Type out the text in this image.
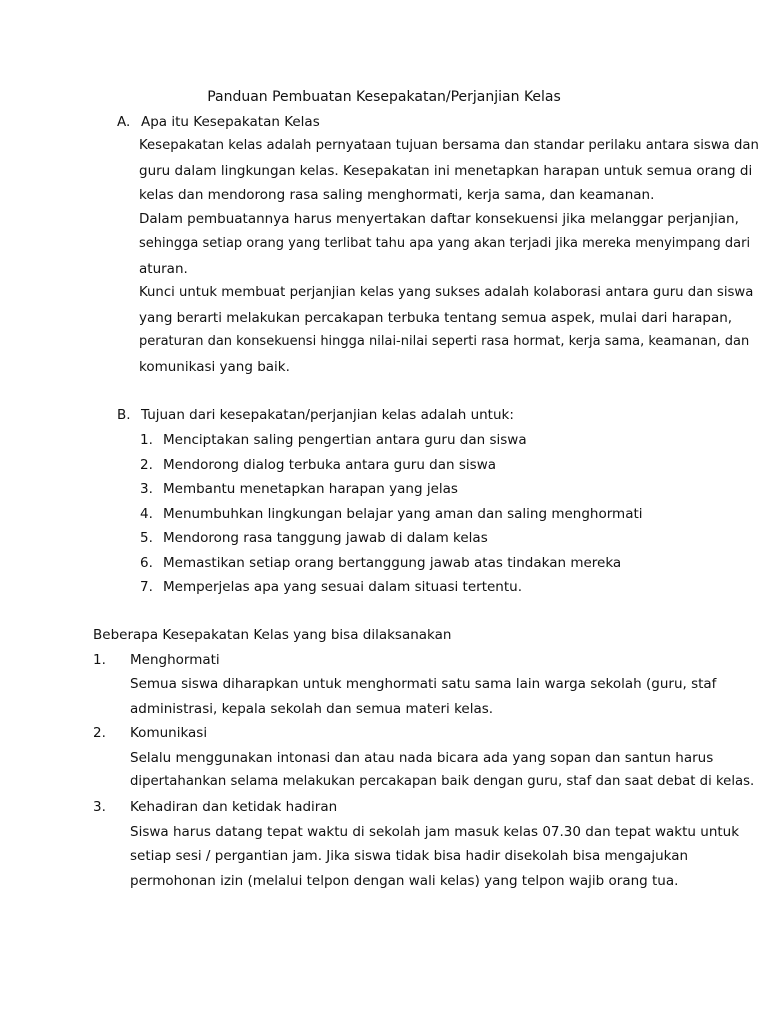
Panduan Pembuatan Kesepakatan/Perjanjian Kelas
A. Apa itu Kesepakatan Kelas
Kesepakatan kelas adalah pernyataan tujuan bersama dan standar perilaku antara siswa dan
guru dalam lingkungan kelas. Kesepakatan ini menetapkan harapan untuk semua orang di
kelas dan mendorong rasa saling menghormati, kerja sama, dan keamanan.
Dalam pembuatannya harus menyertakan daftar konsekuensi jika melanggar perjanjian,
sehingga setiap orang yang terlibat tahu apa yang akan terjadi jika mereka menyimpang dari
aturan.
Kunci untuk membuat perjanjian kelas yang sukses adalah kolaborasi antara guru dan siswa
yang berarti melakukan percakapan terbuka tentang semua aspek, mulai dari harapan,
peraturan dan konsekuensi hingga nilai-nilai seperti rasa hormat, kerja sama, keamanan, dan
komunikasi yang baik.
B. Tujuan dari kesepakatan/perjanjian kelas adalah untuk:
1. Menciptakan saling pengertian antara guru dan siswa
2. Mendorong dialog terbuka antara guru dan siswa
3. Membantu menetapkan harapan yang jelas
4. Menumbuhkan lingkungan belajar yang aman dan saling menghormati
5. Mendorong rasa tanggung jawab di dalam kelas
6. Memastikan setiap orang bertanggung jawab atas tindakan mereka
7. Memperjelas apa yang sesuai dalam situasi tertentu.
Beberapa Kesepakatan Kelas yang bisa dilaksanakan
1. Menghormati
Semua siswa diharapkan untuk menghormati satu sama lain warga sekolah (guru, staf
administrasi, kepala sekolah dan semua materi kelas.
2. Komunikasi
Selalu menggunakan intonasi dan atau nada bicara ada yang sopan dan santun harus
dipertahankan selama melakukan percakapan baik dengan guru, staf dan saat debat di kelas.
3. Kehadiran dan ketidak hadiran
Siswa harus datang tepat waktu di sekolah jam masuk kelas 07.30 dan tepat waktu untuk
setiap sesi / pergantian jam. Jika siswa tidak bisa hadir disekolah bisa mengajukan
permohonan izin (melalui telpon dengan wali kelas) yang telpon wajib orang tua.
